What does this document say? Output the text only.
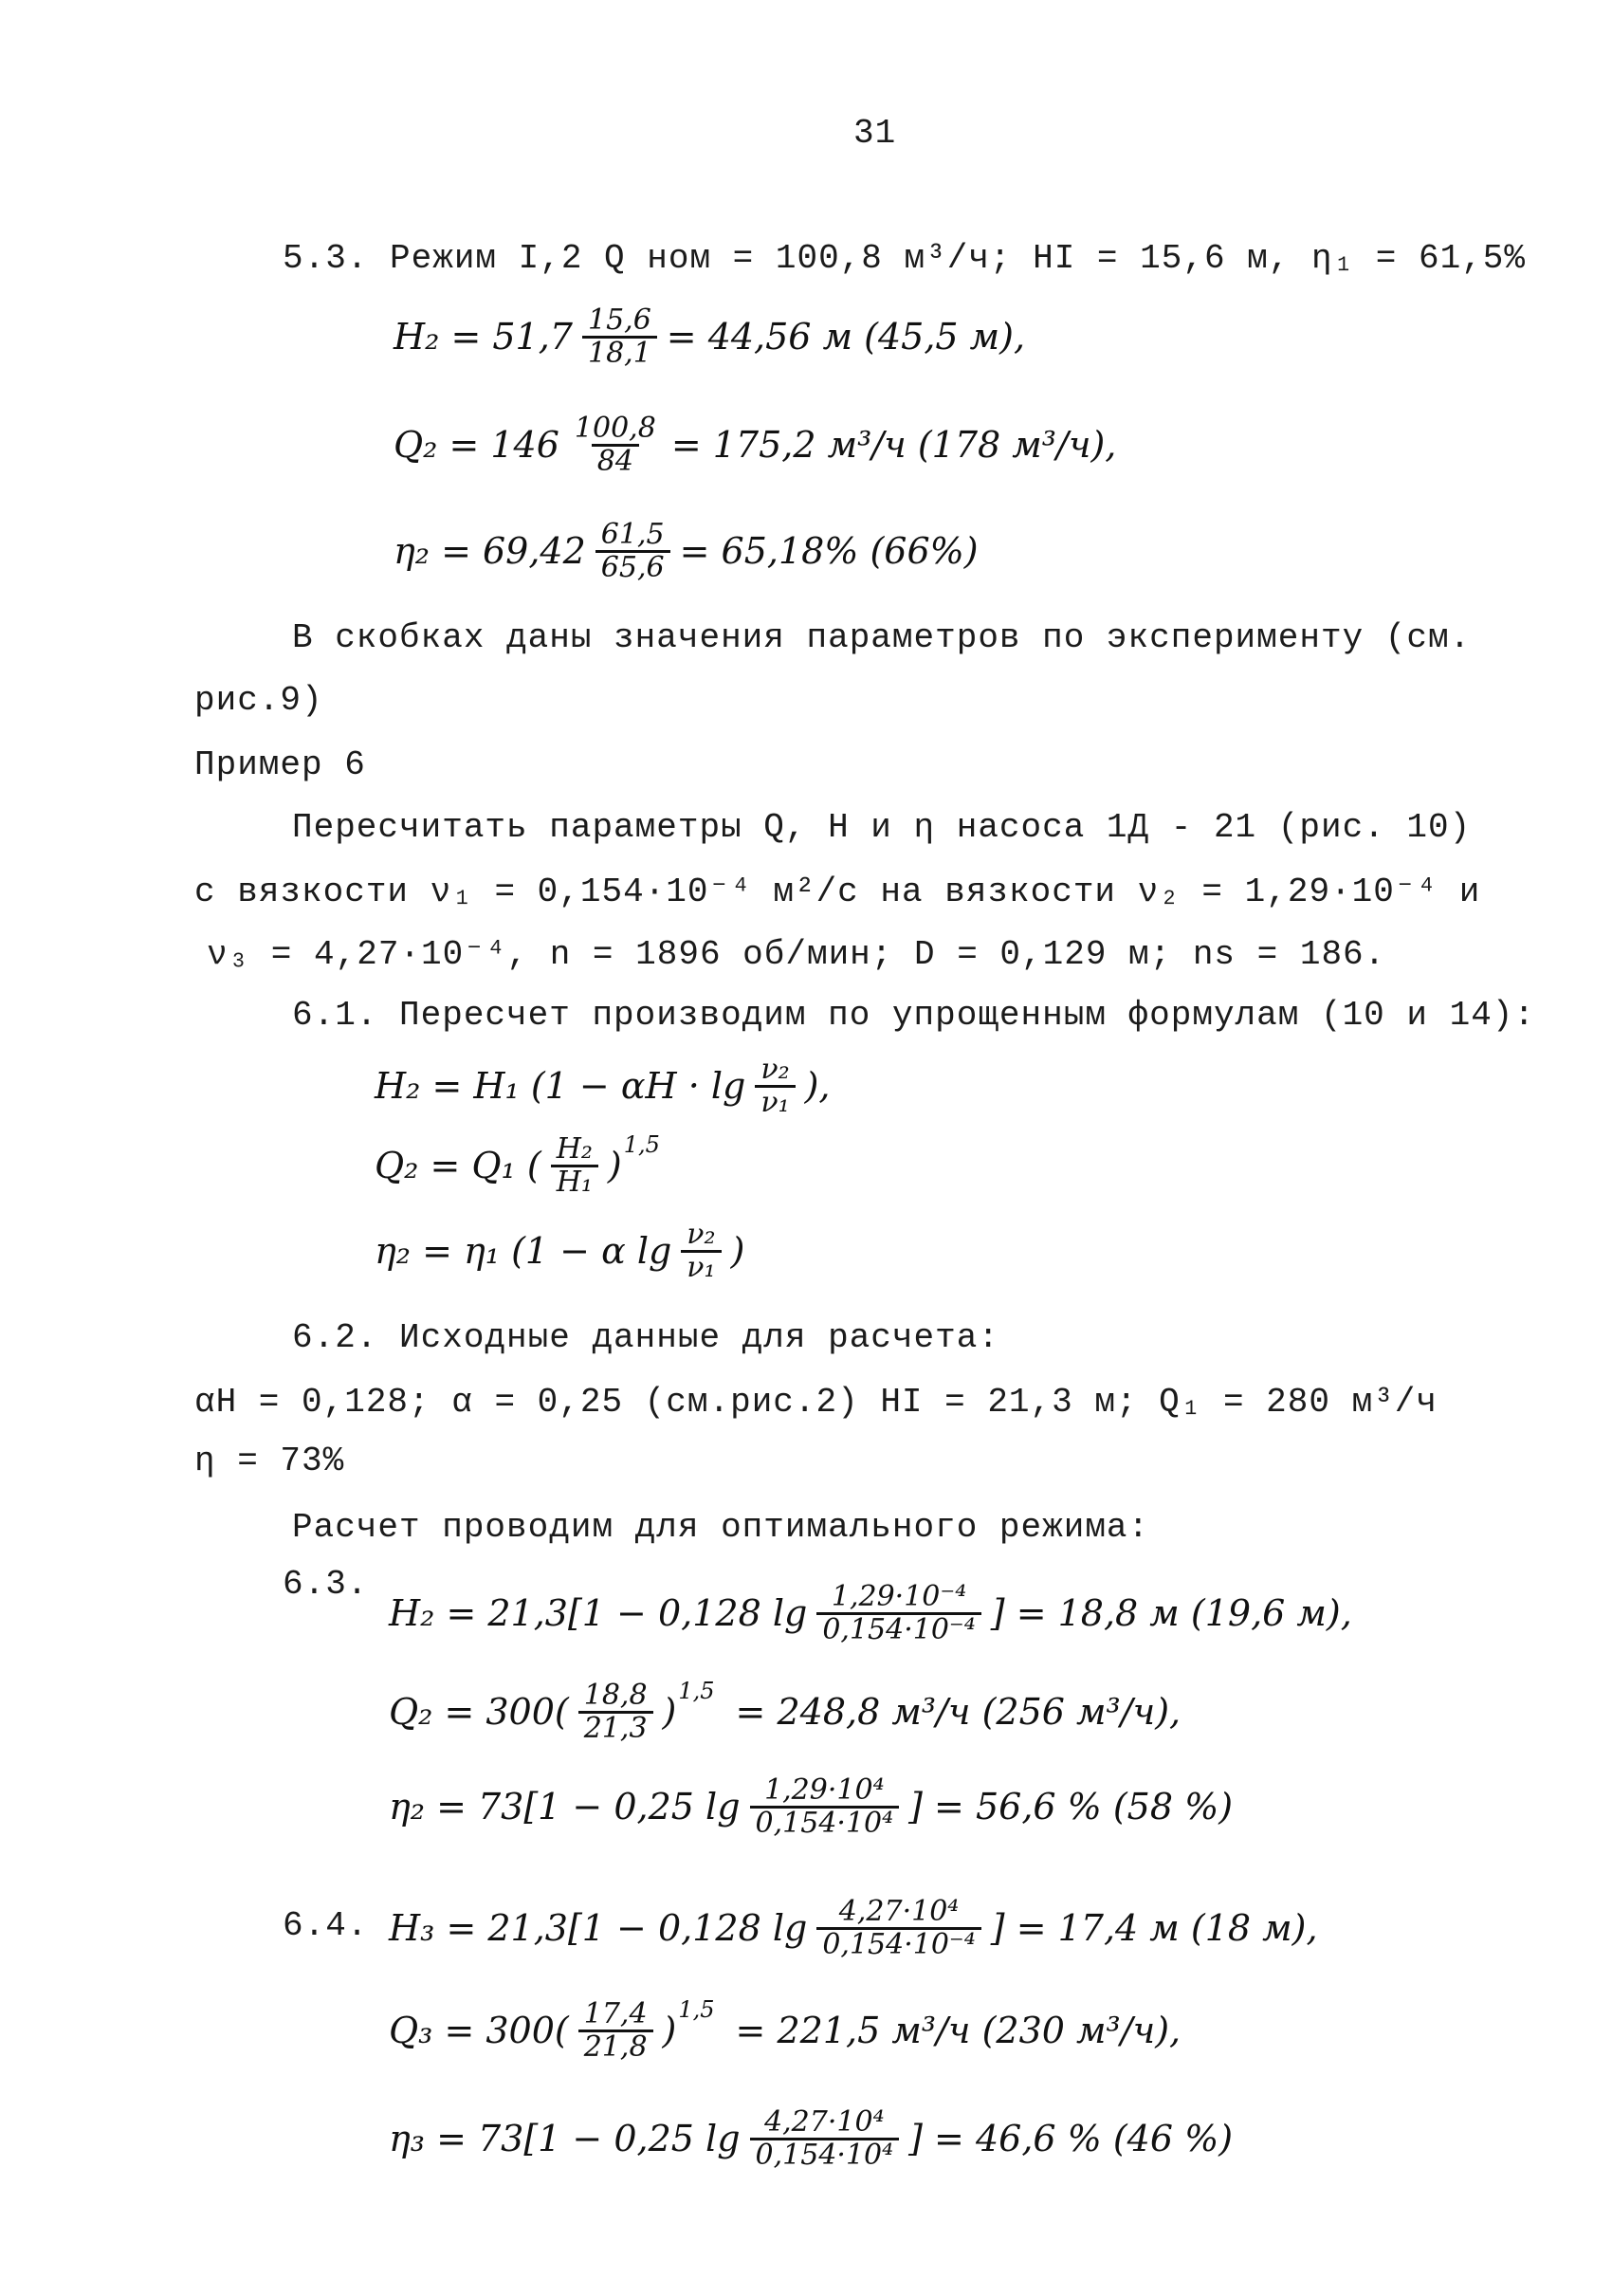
31
5.3. Режим I,2 Q ном = 100,8 м³/ч; HI = 15,6 м, η₁ = 61,5%
$H_2 = 51,7 \frac{15,6}{18,1} = 44,56$ м (45,5 м),
$Q_2 = 146 \frac{100,8}{84} = 175,2$ м³/ч (178 м³/ч),
$\eta_2 = 69,42 \frac{61,5}{65,6} = 65,18\%$ (66%)
В скобках даны значения параметров по эксперименту (см.
рис.9)
Пример 6
Пересчитать параметры Q, H и η насоса 1Д - 21 (рис. 10)
с вязкости ν₁ = 0,154·10⁻⁴ м²/с на вязкости ν₂ = 1,29·10⁻⁴ и
ν₃ = 4,27·10⁻⁴, n = 1896 об/мин; D = 0,129 м; ns = 186.
6.1. Пересчет производим по упрощенным формулам (10 и 14):
H₂ = H₁ (1 − αH · lg ν₂
ν₁ ),
Q₂ = Q₁ ( H₂
H₁ ) 1,5
η₂ = η₁ (1 − α lg ν₂
ν₁ )
6.2. Исходные данные для расчета:
αH = 0,128; α = 0,25 (см.рис.2) HI = 21,3 м; Q₁ = 280 м³/ч
η = 73%
Расчет проводим для оптимального режима:
6.3.
H₂ = 21,3[1 − 0,128 lg 1,29·10⁻⁴
0,154·10⁻⁴ ] = 18,8 м (19,6 м),
Q₂ = 300( 18,8
21,3 ) 1,5 = 248,8 м³/ч (256 м³/ч),
η₂ = 73[1 − 0,25 lg 1,29·10⁴
0,154·10⁴ ] = 56,6 % (58 %)
6.4. H₃ = 21,3[1 − 0,128 lg 4,27·10⁴
0,154·10⁻⁴ ] = 17,4 м (18 м),
Q₃ = 300( 17,4
21,8 ) 1,5 = 221,5 м³/ч (230 м³/ч),
η₃ = 73[1 − 0,25 lg 4,27·10⁴
0,154·10⁴ ] = 46,6 % (46 %)
